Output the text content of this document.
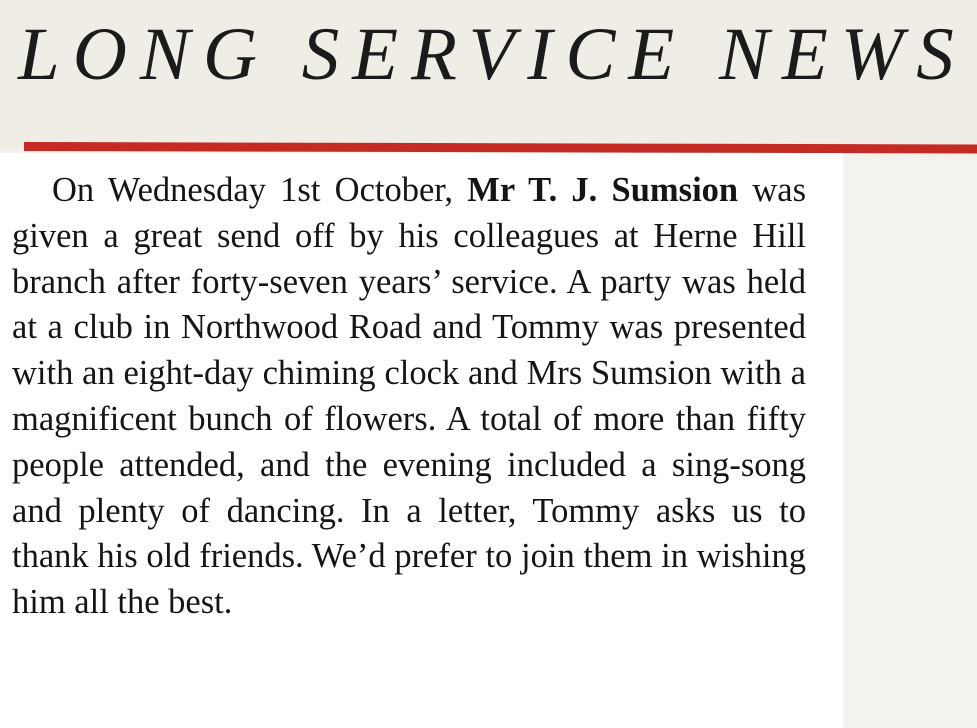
LONG SERVICE NEWS

On Wednesday 1st October, Mr T. J. Sumsion was given a great send off by his colleagues at Herne Hill branch after forty-seven years’ service. A party was held at a club in Northwood Road and Tommy was presented with an eight-day chiming clock and Mrs Sumsion with a magnificent bunch of flowers. A total of more than fifty people attended, and the evening included a sing-song and plenty of dancing. In a letter, Tommy asks us to thank his old friends. We’d prefer to join them in wishing him all the best.
